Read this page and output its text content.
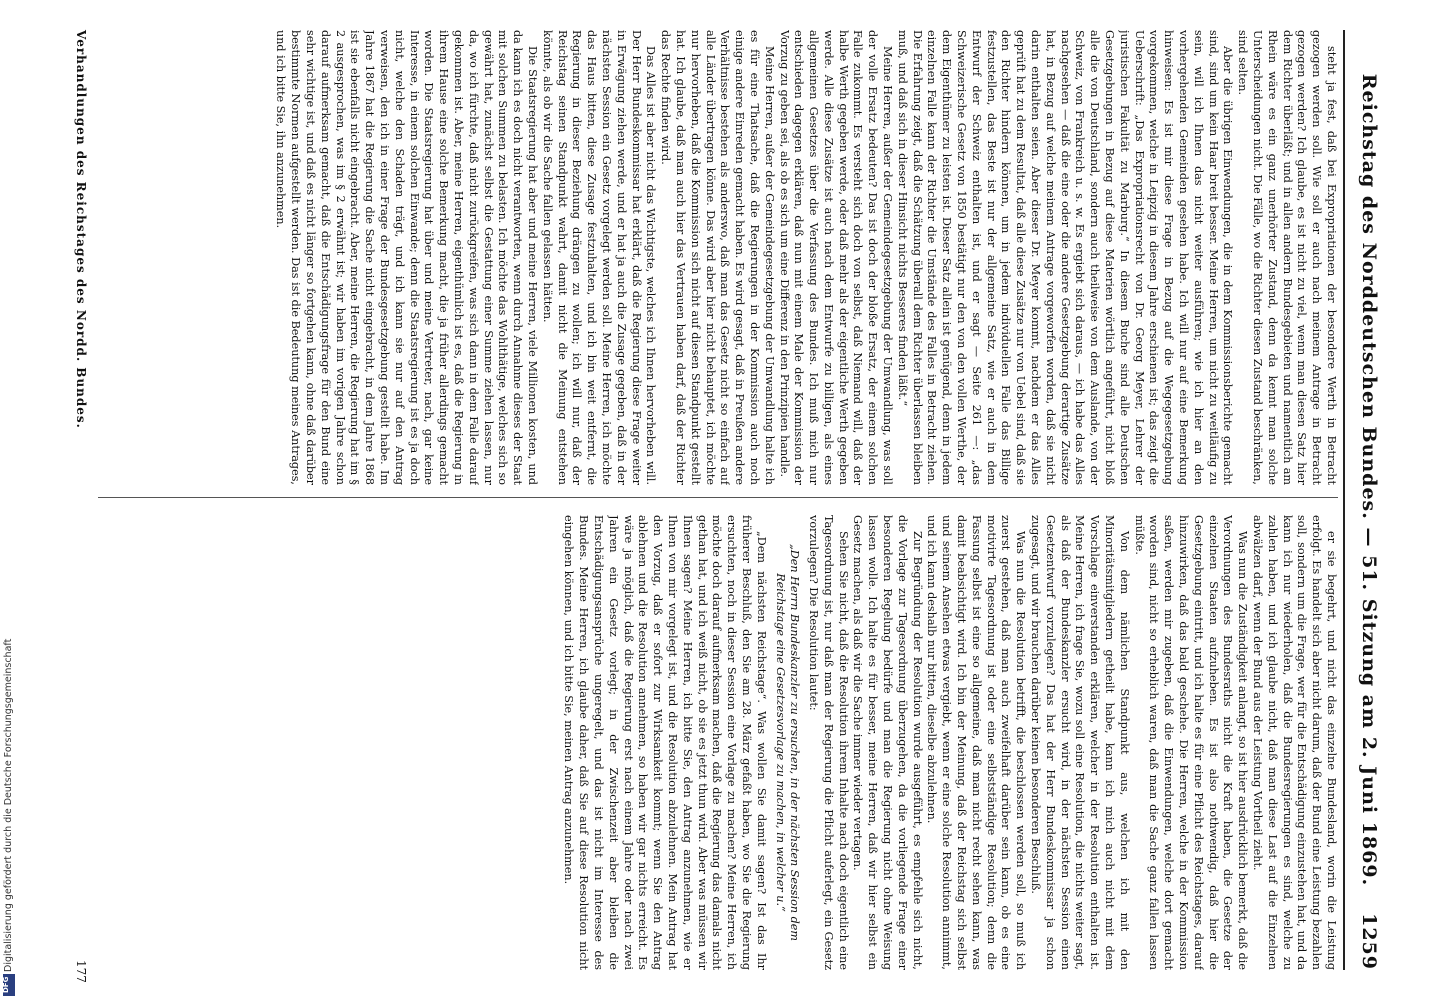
Digitalisierung gefördert durch die Deutsche Forschungsgemeinschaft
DFG
Reichstag des Norddeutschen Bundes. — 51. Sitzung am 2. Juni 1869.
1259

steht ja fest, daß bei Expropriationen der besondere Werth in Betracht gezogen werden soll. Wie soll er auch nach meinem Antrage in Betracht gezogen werden? Ich glaube, es ist nicht zu viel, wenn man diesen Satz hier dem Richter überläßt; und in allen andern Bundesgebieten und namentlich am Rhein wäre es ein ganz unerhörter Zustand, denn da kennt man solche Unterscheidungen nicht. Die Fälle, wo die Richter diesen Zustand beschränken, sind selten.

Aber die übrigen Einwendungen, die in dem Kommissionsberichte gemacht sind, sind um kein Haar breit besser. Meine Herren, um nicht zu weitläufig zu sein, will ich Ihnen das nicht weiter ausführen; wie ich hier an den vorhergehenden Gemeinden gesehen habe. Ich will nur auf eine Bemerkung hinweisen: Es ist mir diese Frage in Bezug auf die Wegegesetzgebung vorgekommen, welche in Leipzig in diesem Jahre erschienen ist; das zeigt die Ueberschrift: „Das Expropriationsrecht von Dr. Georg Meyer, Lehrer der juristischen Fakultät zu Marburg.“ In diesem Buche sind alle Deutschen Gesetzgebungen in Bezug auf diese Materien wörtlich angeführt, nicht bloß alle die von Deutschland, sondern auch theilweise von dem Auslande, von der Schweiz, von Frankreich u. s. w. Es ergiebt sich daraus, — ich habe das Alles nachgesehen — daß die eine oder die andere Gesetzgebung derartige Zusätze hat, in Bezug auf welche meinem Antrage vorgeworfen worden, daß sie nicht darin enthalten seien. Aber dieser Dr. Meyer kommt, nachdem er das Alles geprüft hat zu dem Resultat, daß alle diese Zusätze nur von Uebel sind, daß sie den Richter hindern können, um in jedem individuellen Falle das Billige festzustellen, das Beste ist nur der allgemeine Satz, wie er auch in dem Entwurf der Schweiz enthalten ist, und er sagt — Seite 261 —: „das Schweizerische Gesetz von 1850 bestätigt nur den von den vollen Werthe, der dem Eigenthümer zu leisten ist. Dieser Satz allein ist genügend, denn in jedem einzelnen Falle kann der Richter die Umstände des Falles in Betracht ziehen. Die Erfahrung zeigt, daß die Schätzung überall dem Richter überlassen bleiben muß, und daß sich in dieser Hinsicht nichts Besseres finden läßt.“

Meine Herren, außer der Gemeindegesetzgebung der Umwandlung, was soll der volle Ersatz bedeuten? Das ist doch der bloße Ersatz, der einem solchen Falle zukommt. Es versteht sich doch von selbst, daß Niemand will, daß der halbe Werth gegeben werde, oder daß mehr als der eigentliche Werth gegeben werde. Alle diese Zusätze ist auch nach dem Entwurfe zu billigen, als eines allgemeinen Gesetzes über die Verfassung des Bundes. Ich muß mich nur entschieden dagegen erklären, daß nun mit einem Male der Kommission der Vorzug zu geben sei, als ob es sich um eine Differenz in den Prinzipien handle.

Meine Herren, außer der Gemeindegesetzgebung der Umwandlung halte ich es für eine Thatsache, daß die Regierungen in der Kommission auch noch einige andere Einreden gemacht haben. Es wird gesagt, daß in Preußen andere Verhältnisse bestehen als anderswo, daß man das Gesetz nicht so einfach auf alle Länder übertragen könne. Das wird aber hier nicht behauptet, ich möchte nur hervorheben, daß die Kommission sich nicht auf diesen Standpunkt gestellt hat. Ich glaube, daß man auch hier das Vertrauen haben darf, daß der Richter das Rechte finden wird.

Das Alles ist aber nicht das Wichtigste, welches ich Ihnen hervorheben will. Der Herr Bundeskommissar hat erklärt, daß die Regierung diese Frage weiter in Erwägung ziehen werde, und er hat ja auch die Zusage gegeben, daß in der nächsten Session ein Gesetz vorgelegt werden soll. Meine Herren, ich möchte das Haus bitten, diese Zusage festzuhalten, und ich bin weit entfernt, die Regierung in dieser Beziehung drängen zu wollen; ich will nur, daß der Reichstag seinen Standpunkt wahrt, damit nicht die Meinung entstehen könnte, als ob wir die Sache fallen gelassen hätten.

Die Staatsregierung hat aber und meine Herren, viele Millionen kosten, und da kann ich es doch nicht verantworten, wenn durch Annahme dieses der Staat mit solchen Summen zu belasten. Ich möchte das Wohlthätige, welches sich so gewährt hat, zunächst selbst die Gestattung einer Summe ziehen lassen, nur da, wo ich fürchte, daß nicht zurückgreifen, was sich dann in dem Falle darauf gekommen ist. Aber, meine Herren, eigenthümlich ist es, daß die Regierung in ihrem Hause eine solche Bemerkung macht, die ja früher allerdings gemacht worden. Die Staatsregierung hat über und meine Vertreter, nach, gar keine Interesse, in einem solchen Einwande; denn die Staatsregierung ist es ja doch nicht, welche den Schaden trägt, und ich kann sie nur auf den Antrag verweisen, den ich in einer Frage der Bundesgesetzgebung gestellt habe. Im Jahre 1867 hat die Regierung die Sache nicht eingebracht, in dem Jahre 1868 ist sie ebenfalls nicht eingebracht. Aber, meine Herren, die Regierung hat im § 2 ausgesprochen, was im § 2 erwähnt ist; wir haben im vorigen Jahre schon darauf aufmerksam gemacht, daß die Entschädigungsfrage für den Bund eine sehr wichtige ist, und daß es nicht länger so fortgehen kann, ohne daß darüber bestimmte Normen aufgestellt werden. Das ist die Bedeutung meines Antrages, und ich bitte Sie, ihn anzunehmen.

er sie begehrt, und nicht das einzelne Bundesland, worin die Leistung erfolgt. Es handelt sich aber nicht darum, daß der Bund eine Leistung bezahlen soll, sondern um die Frage, wer für die Entschädigung einzustehen hat, und da kann ich nur wiederholen, daß die Bundesregierungen es sind, welche zu zahlen haben, und ich glaube nicht, daß man diese Last auf die Einzelnen abwälzen darf, wenn der Bund aus der Leistung Vortheil zieht.

Was nun die Zuständigkeit anlangt, so ist hier ausdrücklich bemerkt, daß die Verordnungen des Bundesraths nicht die Kraft haben, die Gesetze der einzelnen Staaten aufzuheben. Es ist also nothwendig, daß hier die Gesetzgebung eintritt, und ich halte es für eine Pflicht des Reichstages, darauf hinzuwirken, daß das bald geschehe. Die Herren, welche in der Kommission saßen, werden mir zugeben, daß die Einwendungen, welche dort gemacht worden sind, nicht so erheblich waren, daß man die Sache ganz fallen lassen müßte.

Von dem nämlichen Standpunkt aus, welchen ich mit den Minoritätsmitgliedern getheilt habe, kann ich mich auch nicht mit dem Vorschlage einverstanden erklären, welcher in der Resolution enthalten ist. Meine Herren, ich frage Sie, wozu soll eine Resolution, die nichts weiter sagt, als daß der Bundeskanzler ersucht wird, in der nächsten Session einen Gesetzentwurf vorzulegen? Das hat der Herr Bundeskommissar ja schon zugesagt, und wir brauchen darüber keinen besonderen Beschluß.

Was nun die Resolution betrifft, die beschlossen werden soll, so muß ich zuerst gestehen, daß man auch zweifelhaft darüber sein kann, ob es eine motivirte Tagesordnung ist oder eine selbstständige Resolution; denn die Fassung selbst ist eine so allgemeine, daß man nicht recht sehen kann, was damit beabsichtigt wird. Ich bin der Meinung, daß der Reichstag sich selbst und seinem Ansehen etwas vergiebt, wenn er eine solche Resolution annimmt, und ich kann deshalb nur bitten, dieselbe abzulehnen.

Zur Begründung der Resolution wurde ausgeführt, es empfehle sich nicht, die Vorlage zur Tagesordnung überzugehen, da die vorliegende Frage einer besonderen Regelung bedürfe und man die Regierung nicht ohne Weisung lassen wolle. Ich halte es für besser, meine Herren, daß wir hier selbst ein Gesetz machen, als daß wir die Sache immer wieder vertagen.

Sehen Sie nicht, daß die Resolution ihrem Inhalte nach doch eigentlich eine Tagesordnung ist, nur daß man der Regierung die Pflicht auferlegt, ein Gesetz vorzulegen? Die Resolution lautet:

„Den Herrn Bundeskanzler zu ersuchen, in der nächsten Session dem Reichstage eine Gesetzesvorlage zu machen, in welcher u.“

„Dem nächsten Reichstage“. Was wollen Sie damit sagen? Ist das Ihr früherer Beschluß, den Sie am 28. März gefaßt haben, wo Sie die Regierung ersuchten, noch in dieser Session eine Vorlage zu machen? Meine Herren, ich möchte doch darauf aufmerksam machen, daß die Regierung das damals nicht gethan hat, und ich weiß nicht, ob sie es jetzt thun wird. Aber was müssen wir Ihnen sagen? Meine Herren, ich bitte Sie, den Antrag anzunehmen, wie er Ihnen von mir vorgelegt ist, und die Resolution abzulehnen. Mein Antrag hat den Vorzug, daß er sofort zur Wirksamkeit kommt; wenn Sie den Antrag ablehnen und die Resolution annehmen, so haben wir gar nichts erreicht. Es wäre ja möglich, daß die Regierung erst nach einem Jahre oder nach zwei Jahren ein Gesetz vorlegt; in der Zwischenzeit aber bleiben die Entschädigungsansprüche ungeregelt, und das ist nicht im Interesse des Bundes. Meine Herren, ich glaube daher, daß Sie auf diese Resolution nicht eingehen können, und ich bitte Sie, meinen Antrag anzunehmen.

Verhandlungen des Reichstages des Nordd. Bundes.
177
